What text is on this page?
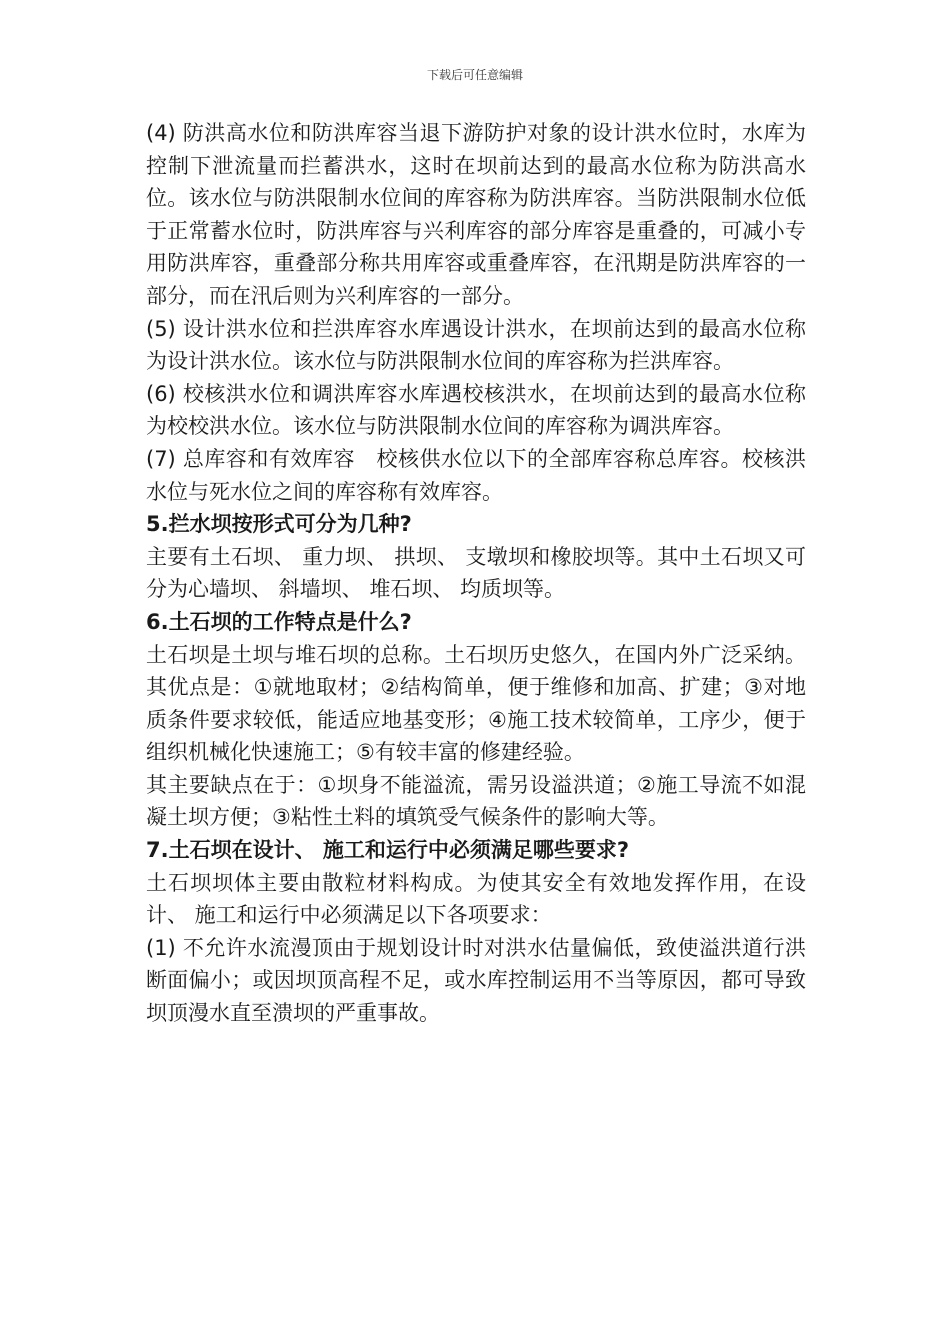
下载后可任意编辑

(4) 防洪高水位和防洪库容当退下游防护对象的设计洪水位时，水库为控制下泄流量而拦蓄洪水，这时在坝前达到的最高水位称为防洪高水位。该水位与防洪限制水位间的库容称为防洪库容。当防洪限制水位低于正常蓄水位时，防洪库容与兴利库容的部分库容是重叠的，可减小专用防洪库容，重叠部分称共用库容或重叠库容，在汛期是防洪库容的一部分，而在汛后则为兴利库容的一部分。

(5) 设计洪水位和拦洪库容水库遇设计洪水，在坝前达到的最高水位称为设计洪水位。该水位与防洪限制水位间的库容称为拦洪库容。

(6) 校核洪水位和调洪库容水库遇校核洪水，在坝前达到的最高水位称为校校洪水位。该水位与防洪限制水位间的库容称为调洪库容。

(7) 总库容和有效库容　校核供水位以下的全部库容称总库容。校核洪水位与死水位之间的库容称有效库容。

5.拦水坝按形式可分为几种?

主要有土石坝、 重力坝、 拱坝、 支墩坝和橡胶坝等。其中土石坝又可分为心墙坝、 斜墙坝、 堆石坝、 均质坝等。

6.土石坝的工作特点是什么?

土石坝是土坝与堆石坝的总称。土石坝历史悠久，在国内外广泛采纳。其优点是：①就地取材；②结构简单，便于维修和加高、扩建；③对地质条件要求较低，能适应地基变形；④施工技术较简单，工序少，便于组织机械化快速施工；⑤有较丰富的修建经验。

其主要缺点在于：①坝身不能溢流，需另设溢洪道；②施工导流不如混凝土坝方便；③粘性土料的填筑受气候条件的影响大等。

7.土石坝在设计、 施工和运行中必须满足哪些要求?

土石坝坝体主要由散粒材料构成。为使其安全有效地发挥作用，在设计、 施工和运行中必须满足以下各项要求：

(1) 不允许水流漫顶由于规划设计时对洪水估量偏低，致使溢洪道行洪断面偏小；或因坝顶高程不足，或水库控制运用不当等原因，都可导致坝顶漫水直至溃坝的严重事故。
